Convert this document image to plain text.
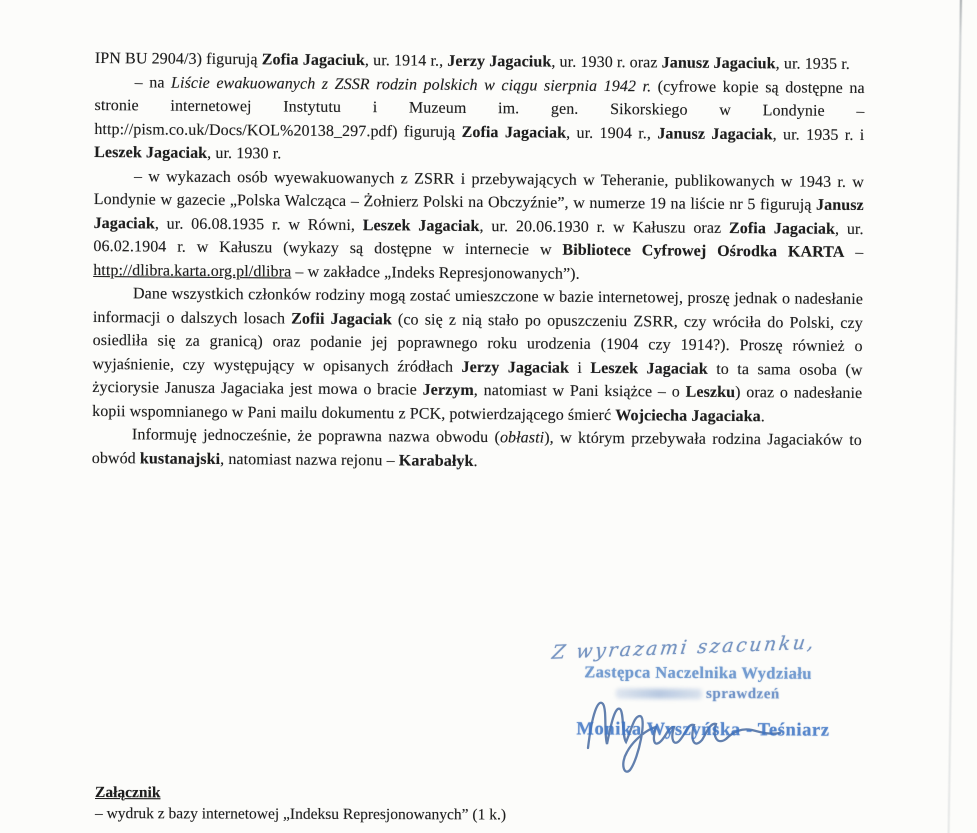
IPN BU 2904/3) figurują Zofia Jagaciuk, ur. 1914 r., Jerzy Jagaciuk, ur. 1930 r. oraz Janusz Jagaciuk, ur. 1935 r.

– na Liście ewakuowanych z ZSSR rodzin polskich w ciągu sierpnia 1942 r. (cyfrowe kopie są dostępne na stronie internetowej Instytutu i Muzeum im. gen. Sikorskiego w Londynie – http://pism.co.uk/Docs/KOL%20138_297.pdf) figurują Zofia Jagaciak, ur. 1904 r., Janusz Jagaciak, ur. 1935 r. i Leszek Jagaciak, ur. 1930 r.

– w wykazach osób wyewakuowanych z ZSRR i przebywających w Teheranie, publikowanych w 1943 r. w Londynie w gazecie „Polska Walcząca – Żołnierz Polski na Obczyźnie”, w numerze 19 na liście nr 5 figurują Janusz Jagaciak, ur. 06.08.1935 r. w Równi, Leszek Jagaciak, ur. 20.06.1930 r. w Kałuszu oraz Zofia Jagaciak, ur. 06.02.1904 r. w Kałuszu (wykazy są dostępne w internecie w Bibliotece Cyfrowej Ośrodka KARTA – http://dlibra.karta.org.pl/dlibra – w zakładce „Indeks Represjonowanych”).

Dane wszystkich członków rodziny mogą zostać umieszczone w bazie internetowej, proszę jednak o nadesłanie informacji o dalszych losach Zofii Jagaciak (co się z nią stało po opuszczeniu ZSRR, czy wróciła do Polski, czy osiedliła się za granicą) oraz podanie jej poprawnego roku urodzenia (1904 czy 1914?). Proszę również o wyjaśnienie, czy występujący w opisanych źródłach Jerzy Jagaciak i Leszek Jagaciak to ta sama osoba (w życiorysie Janusza Jagaciaka jest mowa o bracie Jerzym, natomiast w Pani książce – o Leszku) oraz o nadesłanie kopii wspomnianego w Pani mailu dokumentu z PCK, potwierdzającego śmierć Wojciecha Jagaciaka.

Informuję jednocześnie, że poprawna nazwa obwodu (obłasti), w którym przebywała rodzina Jagaciaków to obwód kustanajski, natomiast nazwa rejonu – Karabałyk.

Z wyrazami szacunku,
Zastępca Naczelnika Wydziału
sprawdzeń
Monika Wyszyńska - Teśniarz
Załącznik
– wydruk z bazy internetowej „Indeksu Represjonowanych” (1 k.)
